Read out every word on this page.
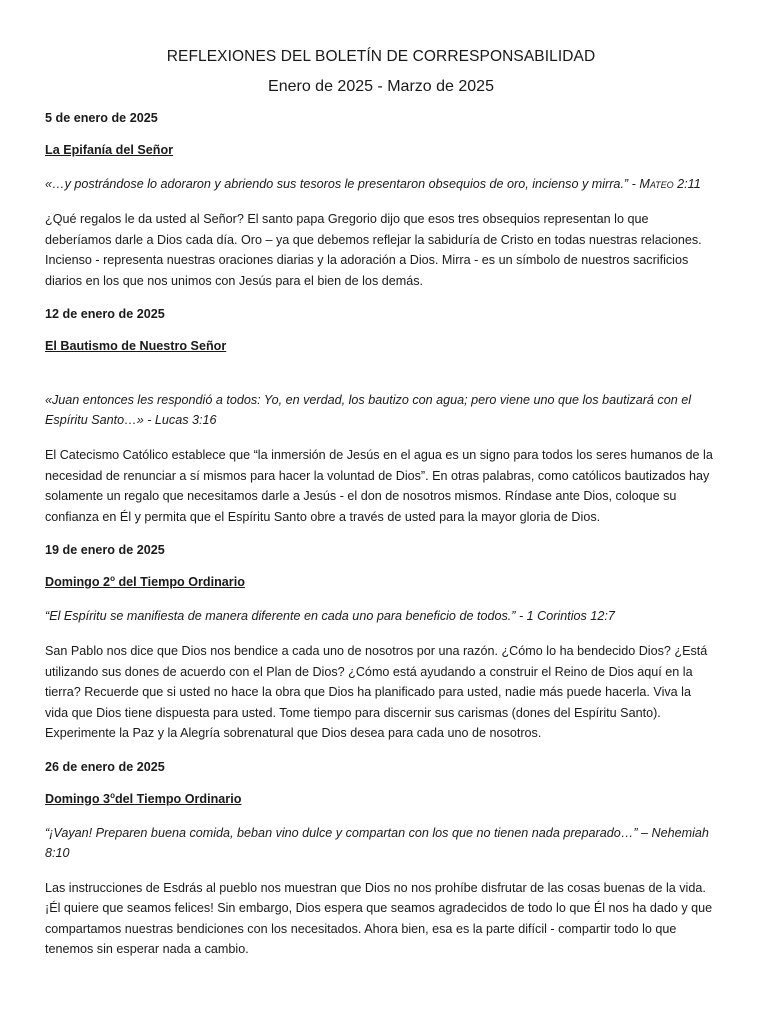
REFLEXIONES DEL BOLETÍN DE CORRESPONSABILIDAD

Enero de 2025 - Marzo de 2025

5 de enero de 2025

La Epifanía del Señor

«…y postrándose lo adoraron y abriendo sus tesoros le presentaron obsequios de oro, incienso y mirra.” - Mateo 2:11

¿Qué regalos le da usted al Señor? El santo papa Gregorio dijo que esos tres obsequios representan lo que deberíamos darle a Dios cada día. Oro – ya que debemos reflejar la sabiduría de Cristo en todas nuestras relaciones. Incienso - representa nuestras oraciones diarias y la adoración a Dios. Mirra - es un símbolo de nuestros sacrificios diarios en los que nos unimos con Jesús para el bien de los demás.

12 de enero de 2025

El Bautismo de Nuestro Señor

«Juan entonces les respondió a todos: Yo, en verdad, los bautizo con agua; pero viene uno que los bautizará con el Espíritu Santo…» - Lucas 3:16

El Catecismo Católico establece que “la inmersión de Jesús en el agua es un signo para todos los seres humanos de la necesidad de renunciar a sí mismos para hacer la voluntad de Dios”. En otras palabras, como católicos bautizados hay solamente un regalo que necesitamos darle a Jesús - el don de nosotros mismos. Ríndase ante Dios, coloque su confianza en Él y permita que el Espíritu Santo obre a través de usted para la mayor gloria de Dios.

19 de enero de 2025

Domingo 2$^o$ del Tiempo Ordinario

“El Espíritu se manifiesta de manera diferente en cada uno para beneficio de todos.” - 1 Corintios 12:7

San Pablo nos dice que Dios nos bendice a cada uno de nosotros por una razón. ¿Cómo lo ha bendecido Dios? ¿Está utilizando sus dones de acuerdo con el Plan de Dios? ¿Cómo está ayudando a construir el Reino de Dios aquí en la tierra? Recuerde que si usted no hace la obra que Dios ha planificado para usted, nadie más puede hacerla. Viva la vida que Dios tiene dispuesta para usted. Tome tiempo para discernir sus carismas (dones del Espíritu Santo). Experimente la Paz y la Alegría sobrenatural que Dios desea para cada uno de nosotros.

26 de enero de 2025

Domingo 3$^o$del Tiempo Ordinario

“¡Vayan! Preparen buena comida, beban vino dulce y compartan con los que no tienen nada preparado…” – Nehemiah 8:10

Las instrucciones de Esdrás al pueblo nos muestran que Dios no nos prohíbe disfrutar de las cosas buenas de la vida. ¡Él quiere que seamos felices! Sin embargo, Dios espera que seamos agradecidos de todo lo que Él nos ha dado y que compartamos nuestras bendiciones con los necesitados. Ahora bien, esa es la parte difícil - compartir todo lo que tenemos sin esperar nada a cambio.
